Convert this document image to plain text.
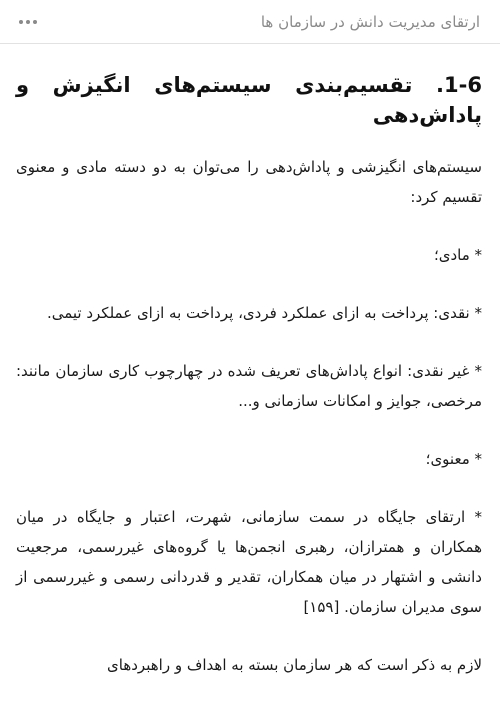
ارتقای مدیریت دانش در سازمان ها
1-6. تقسیم‌بندی سیستم‌های انگیزش و پاداش‌دهی

سیستم‌های انگیزشی و پاداش‌دهی را می‌توان به دو دسته مادی و معنوی تقسیم کرد:

* مادی؛

* نقدی: پرداخت به ازای عملکرد فردی، پرداخت به ازای عملکرد تیمی.

* غیر نقدی: انواع پاداش‌های تعریف شده در چهارچوب کاری سازمان مانند: مرخصی، جوایز و امکانات سازمانی و...

* معنوی؛

* ارتقای جایگاه در سمت سازمانی، شهرت، اعتبار و جایگاه در میان همکاران و همترازان، رهبری انجمن‌ها یا گروه‌های غیررسمی، مرجعیت دانشی و اشتهار در میان همکاران، تقدیر و قدردانی رسمی و غیررسمی از سوی مدیران سازمان. [۱۵۹]

لازم به ذکر است که هر سازمان بسته به اهداف و راهبردهای
